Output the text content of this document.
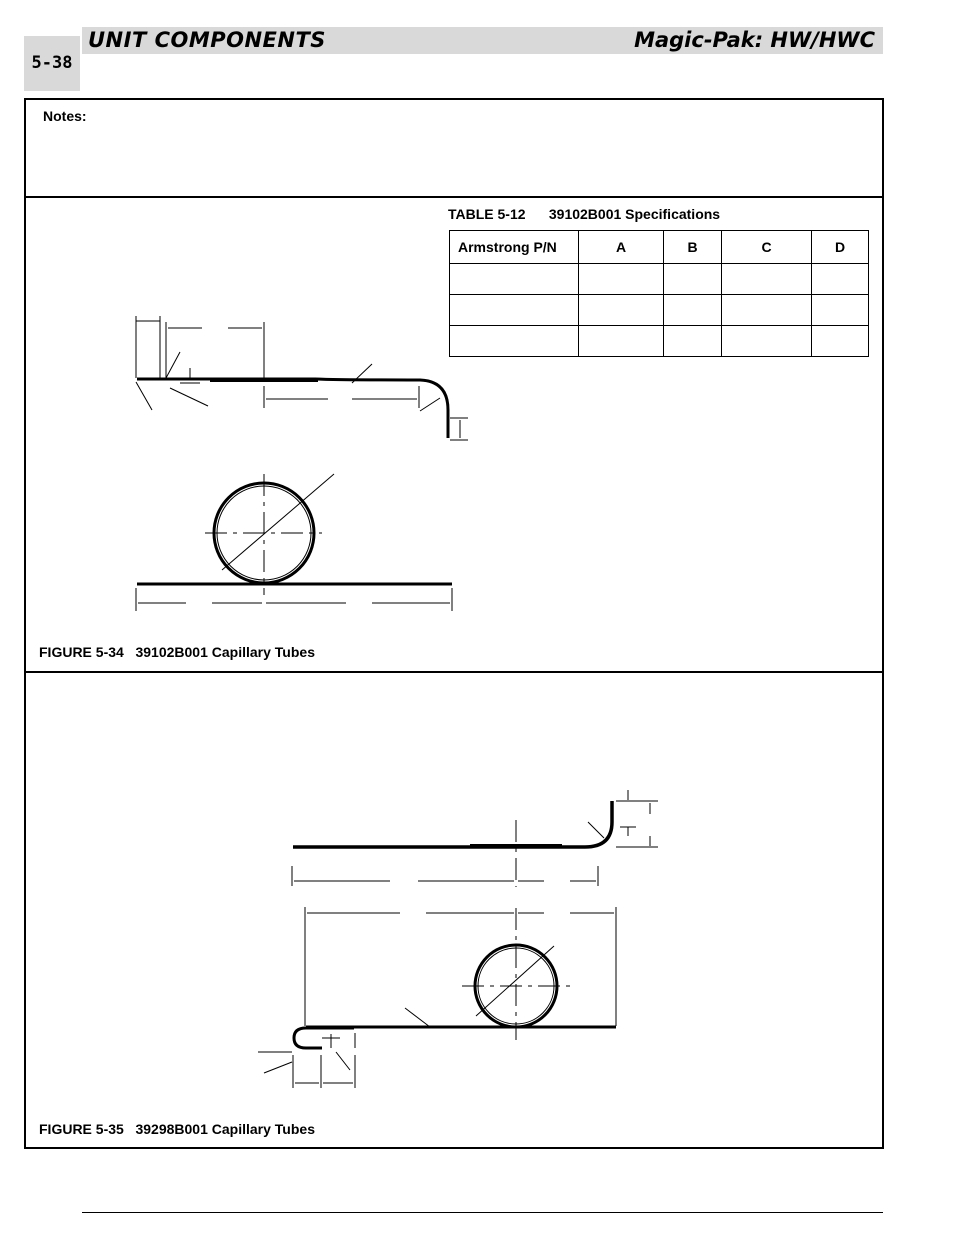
UNIT COMPONENTS	Magic-Pak: HW/HWC
5-38
Notes:
TABLE 5-12      39102B001 Specifications
Armstrong P/N	A	B	C	D

FIGURE 5-34   39102B001 Capillary Tubes
FIGURE 5-35   39298B001 Capillary Tubes
